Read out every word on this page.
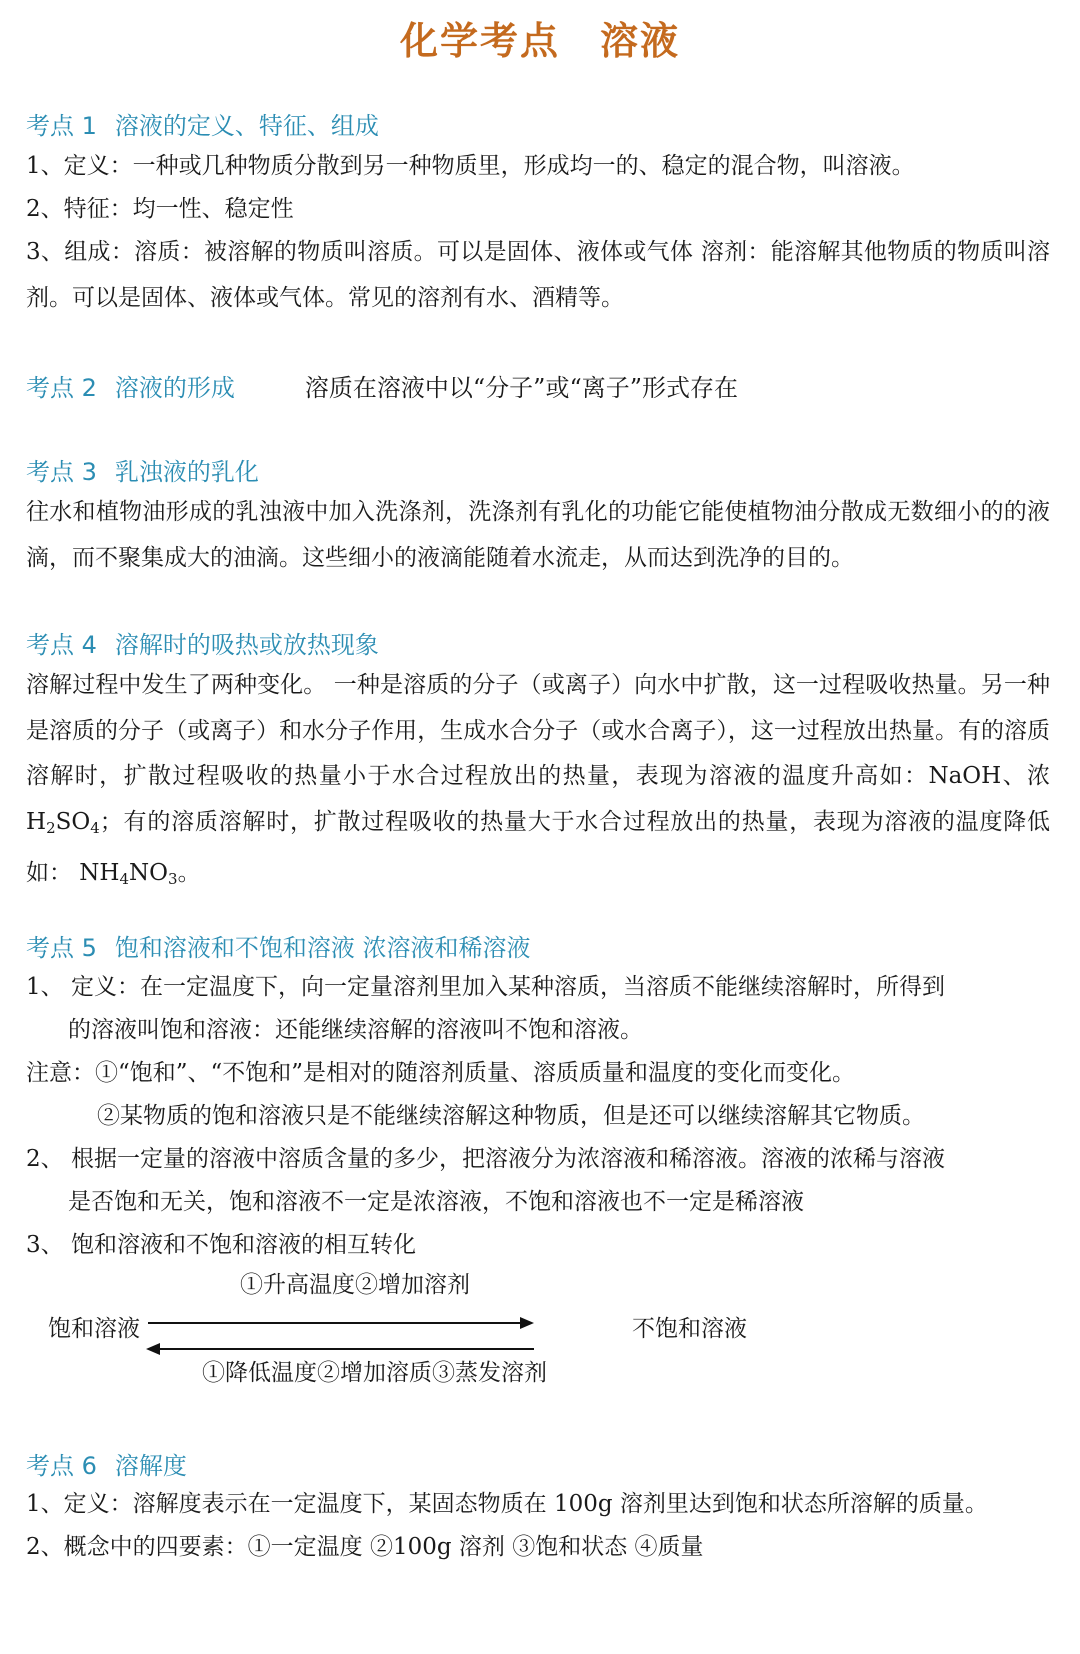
化学考点 溶液
考点 1 溶液的定义、特征、组成
1、定义：一种或几种物质分散到另一种物质里，形成均一的、稳定的混合物，叫溶液。
2、特征：均一性、稳定性
3、组成：溶质：被溶解的物质叫溶质。可以是固体、液体或气体 溶剂：能溶解其他物质的物质叫溶剂。可以是固体、液体或气体。常见的溶剂有水、酒精等。
考点 2 溶液的形成	溶质在溶液中以“分子”或“离子”形式存在
考点 3 乳浊液的乳化
往水和植物油形成的乳浊液中加入洗涤剂，洗涤剂有乳化的功能它能使植物油分散成无数细小的的液滴，而不聚集成大的油滴。这些细小的液滴能随着水流走，从而达到洗净的目的。
考点 4 溶解时的吸热或放热现象
溶解过程中发生了两种变化。 一种是溶质的分子（或离子）向水中扩散，这一过程吸收热量。另一种是溶质的分子（或离子）和水分子作用，生成水合分子（或水合离子），这一过程放出热量。有的溶质溶解时，扩散过程吸收的热量小于水合过程放出的热量，表现为溶液的温度升高如：NaOH、浓 $H_2SO_4$；有的溶质溶解时，扩散过程吸收的热量大于水合过程放出的热量，表现为溶液的温度降低如： $NH_4NO_3$。
考点 5 饱和溶液和不饱和溶液 浓溶液和稀溶液
1、 定义：在一定温度下，向一定量溶剂里加入某种溶质，当溶质不能继续溶解时，所得到
的溶液叫饱和溶液：还能继续溶解的溶液叫不饱和溶液。
注意：①“饱和”、“不饱和”是相对的随溶剂质量、溶质质量和温度的变化而变化。
②某物质的饱和溶液只是不能继续溶解这种物质，但是还可以继续溶解其它物质。
2、 根据一定量的溶液中溶质含量的多少，把溶液分为浓溶液和稀溶液。溶液的浓稀与溶液
是否饱和无关，饱和溶液不一定是浓溶液，不饱和溶液也不一定是稀溶液
3、 饱和溶液和不饱和溶液的相互转化
①升高温度②增加溶剂
饱和溶液	不饱和溶液
①降低温度②增加溶质③蒸发溶剂
考点 6 溶解度
1、定义：溶解度表示在一定温度下，某固态物质在 100g 溶剂里达到饱和状态所溶解的质量。
2、概念中的四要素：①一定温度 ②100g 溶剂 ③饱和状态 ④质量
